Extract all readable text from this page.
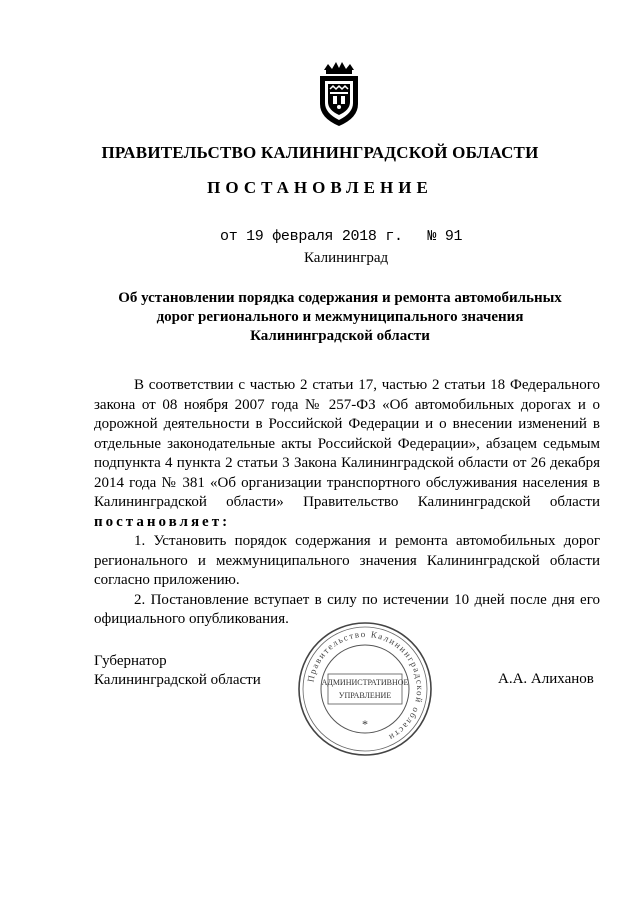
ПРАВИТЕЛЬСТВО КАЛИНИНГРАДСКОЙ ОБЛАСТИ
ПОСТАНОВЛЕНИЕ
от 19 февраля 2018 г. № 91
Калининград
Об установлении порядка содержания и ремонта автомобильных
дорог регионального и межмуниципального значения
Калининградской области

В соответствии с частью 2 статьи 17, частью 2 статьи 18 Федерального закона от 08 ноября 2007 года № 257-ФЗ «Об автомобильных дорогах и о дорожной деятельности в Российской Федерации и о внесении изменений в отдельные законодательные акты Российской Федерации», абзацем седьмым подпункта 4 пункта 2 статьи 3 Закона Калининградской области от 26 декабря 2014 года № 381 «Об организации транспортного обслуживания населения в Калининградской области» Правительство Калининградской области постановляет:

1. Установить порядок содержания и ремонта автомобильных дорог регионального и межмуниципального значения Калининградской области согласно приложению.

2. Постановление вступает в силу по истечении 10 дней после дня его официального опубликования.

Губернатор
Калининградской области	А.А. Алиханов
Правительство Калининградской области
АДМИНИСТРАТИВНОЕ
УПРАВЛЕНИЕ
*
